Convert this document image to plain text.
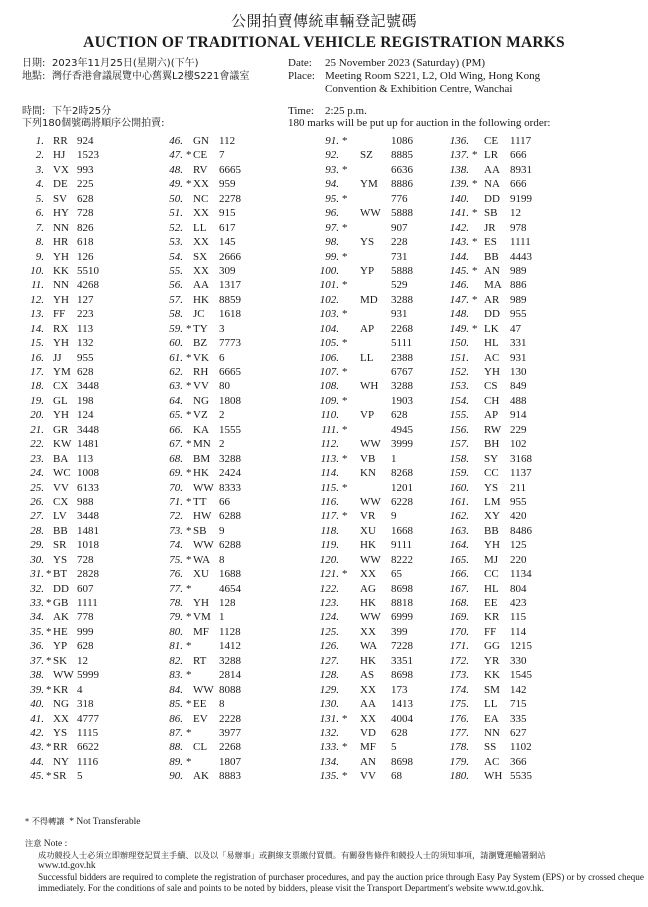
公開拍賣傳統車輛登記號碼
AUCTION OF TRADITIONAL VEHICLE REGISTRATION MARKS
日期: 2023年11月25日(星期六)(下午)
地點: 灣仔香港會議展覽中心舊翼L2樓S221會議室
時間: 下午2時25分
下列180個號碼將順序公開拍賣:
Date: 25 November 2023 (Saturday) (PM)
Place: Meeting Room S221, L2, Old Wing, Hong Kong
Convention & Exhibition Centre, Wanchai
Time: 2:25 p.m.
180 marks will be put up for auction in the following order:
1. RR 924
2. HJ 1523
3. VX 993
4. DE 225
5. SV 628
6. HY 728
7. NN 826
8. HR 618
9. YH 126
10. KK 5510
11. NN 4268
12. YH 127
13. FF 223
14. RX 113
15. YH 132
16. JJ 955
17. YM 628
18. CX 3448
19. GL 198
20. YH 124
21. GR 3448
22. KW 1481
23. BA 113
24. WC 1008
25. VV 6133
26. CX 988
27. LV 3448
28. BB 1481
29. SR 1018
30. YS 728
31. * BT 2828
32. DD 607
33. * GB 1111
34. AK 778
35. * HE 999
36. YP 628
37. * SK 12
38. WW 5999
39. * KR 4
40. NG 318
41. XX 4777
42. YS 1115
43. * RR 6622
44. NY 1116
45. * SR 5
46. GN 112
47. * CE 7
48. RV 6665
49. * XX 959
50. NC 2278
51. XX 915
52. LL 617
53. XX 145
54. SX 2666
55. XX 309
56. AA 1317
57. HK 8859
58. JC 1618
59. * TY 3
60. BZ 7773
61. * VK 6
62. RH 6665
63. * VV 80
64. NG 1808
65. * VZ 2
66. KA 1555
67. * MN 2
68. BM 3288
69. * HK 2424
70. WW 8333
71. * TT 66
72. HW 6288
73. * SB 9
74. WW 6288
75. * WA 8
76. XU 1688
77. *	4654
78. YH 128
79. * VM 1
80. MF 1128
81. *	1412
82. RT 3288
83. *	2814
84. WW 8088
85. * EE 8
86. EV 2228
87. *	3977
88. CL 2268
89. *	1807
90. AK 8883
91. *	1086
92. SZ 8885
93. *	6636
94. YM 8886
95. *	776
96. WW 5888
97. *	907
98. YS 228
99. *	731
100. YP 5888
101. *	529
102. MD 3288
103. *	931
104. AP 2268
105. *	5111
106. LL 2388
107. *	6767
108. WH 3288
109. *	1903
110. VP 628
111. *	4945
112. WW 3999
113. * VB 1
114. KN 8268
115. *	1201
116. WW 6228
117. * VR 9
118. XU 1668
119. HK 9111
120. WW 8222
121. * XX 65
122. AG 8698
123. HK 8818
124. WW 6999
125. XX 399
126. WA 7228
127. HK 3351
128. AS 8698
129. XX 173
130. AA 1413
131. * XX 4004
132. VD 628
133. * MF 5
134. AN 8698
135. * VV 68
136. CE 1117
137. * LR 666
138. AA 8931
139. * NA 666
140. DD 9199
141. * SB 12
142. JR 978
143. * ES 1111
144. BB 4443
145. * AN 989
146. MA 886
147. * AR 989
148. DD 955
149. * LK 47
150. HL 331
151. AC 931
152. YH 130
153. CS 849
154. CH 488
155. AP 914
156. RW 229
157. BH 102
158. SY 3168
159. CC 1137
160. YS 211
161. LM 955
162. XY 420
163. BB 8486
164. YH 125
165. MJ 220
166. CC 1134
167. HL 804
168. EE 423
169. KR 115
170. FF 114
171. GG 1215
172. YR 330
173. KK 1545
174. SM 142
175. LL 715
176. EA 335
177. NN 627
178. SS 1102
179. AC 366
180. WH 5535
* 不得轉讓 * Not Transferable
注意 Note :
成功競投人士必須立即辦理登記買主手續、以及以「易辦事」或劃線支票繳付買價。有關發售條件和競投人士的須知事項，請瀏覽運輸署網站
www.td.gov.hk
Successful bidders are required to complete the registration of purchaser procedures, and pay the auction price through Easy Pay System (EPS) or by crossed cheque
immediately. For the conditions of sale and points to be noted by bidders, please visit the Transport Department's website www.td.gov.hk.
